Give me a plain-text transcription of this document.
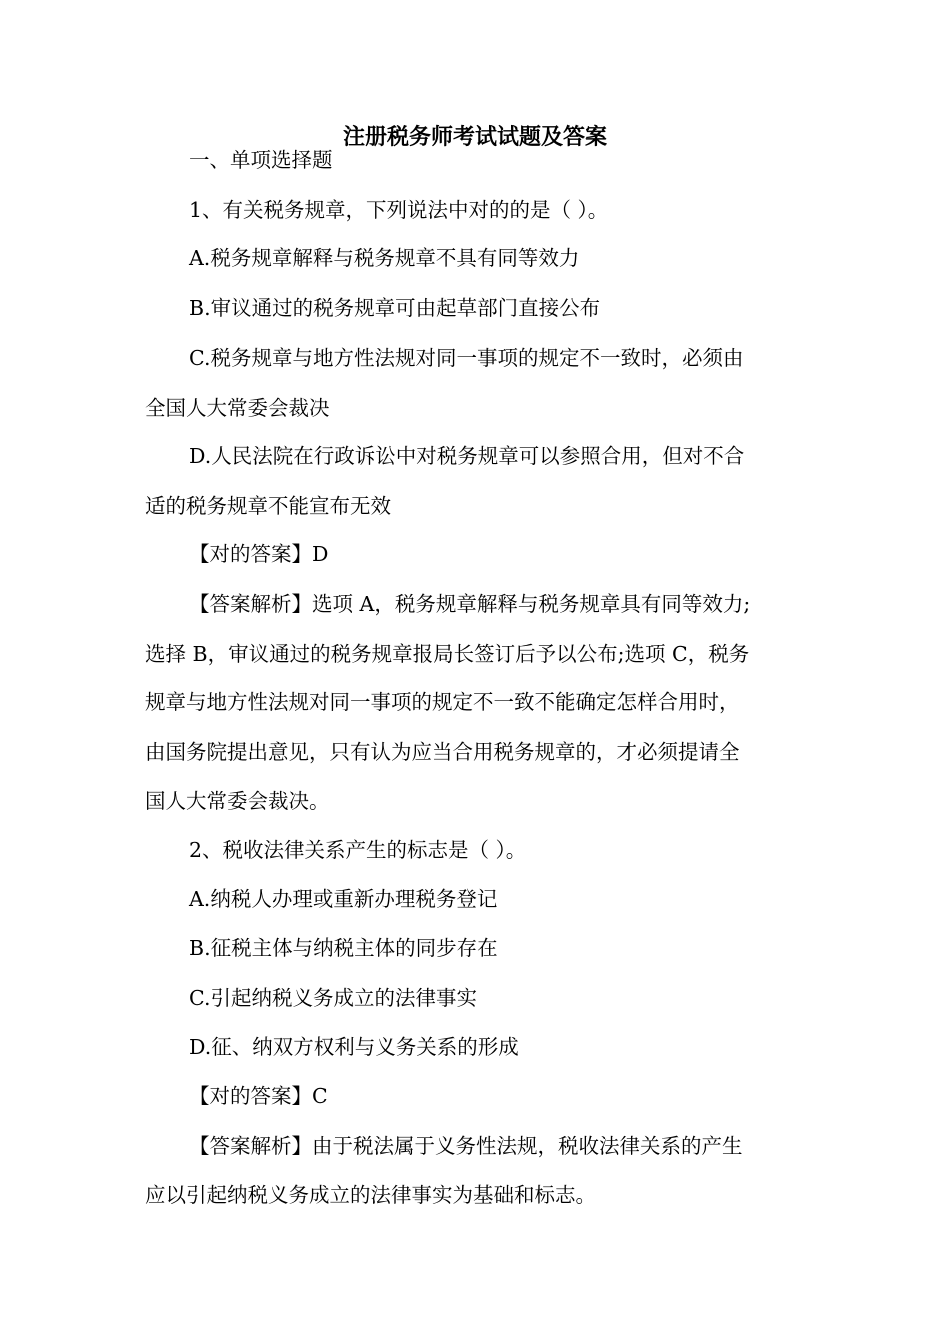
注册税务师考试试题及答案
一、单项选择题
1、有关税务规章，下列说法中对的的是（ ）。
A.税务规章解释与税务规章不具有同等效力
B.审议通过的税务规章可由起草部门直接公布
C.税务规章与地方性法规对同一事项的规定不一致时，必须由
全国人大常委会裁决
D.人民法院在行政诉讼中对税务规章可以参照合用，但对不合
适的税务规章不能宣布无效
【对的答案】D
【答案解析】选项 A，税务规章解释与税务规章具有同等效力;
选择 B，审议通过的税务规章报局长签订后予以公布;选项 C，税务
规章与地方性法规对同一事项的规定不一致不能确定怎样合用时，
由国务院提出意见，只有认为应当合用税务规章的，才必须提请全
国人大常委会裁决。
2、税收法律关系产生的标志是（ ）。
A.纳税人办理或重新办理税务登记
B.征税主体与纳税主体的同步存在
C.引起纳税义务成立的法律事实
D.征、纳双方权利与义务关系的形成
【对的答案】C
【答案解析】由于税法属于义务性法规，税收法律关系的产生
应以引起纳税义务成立的法律事实为基础和标志。
